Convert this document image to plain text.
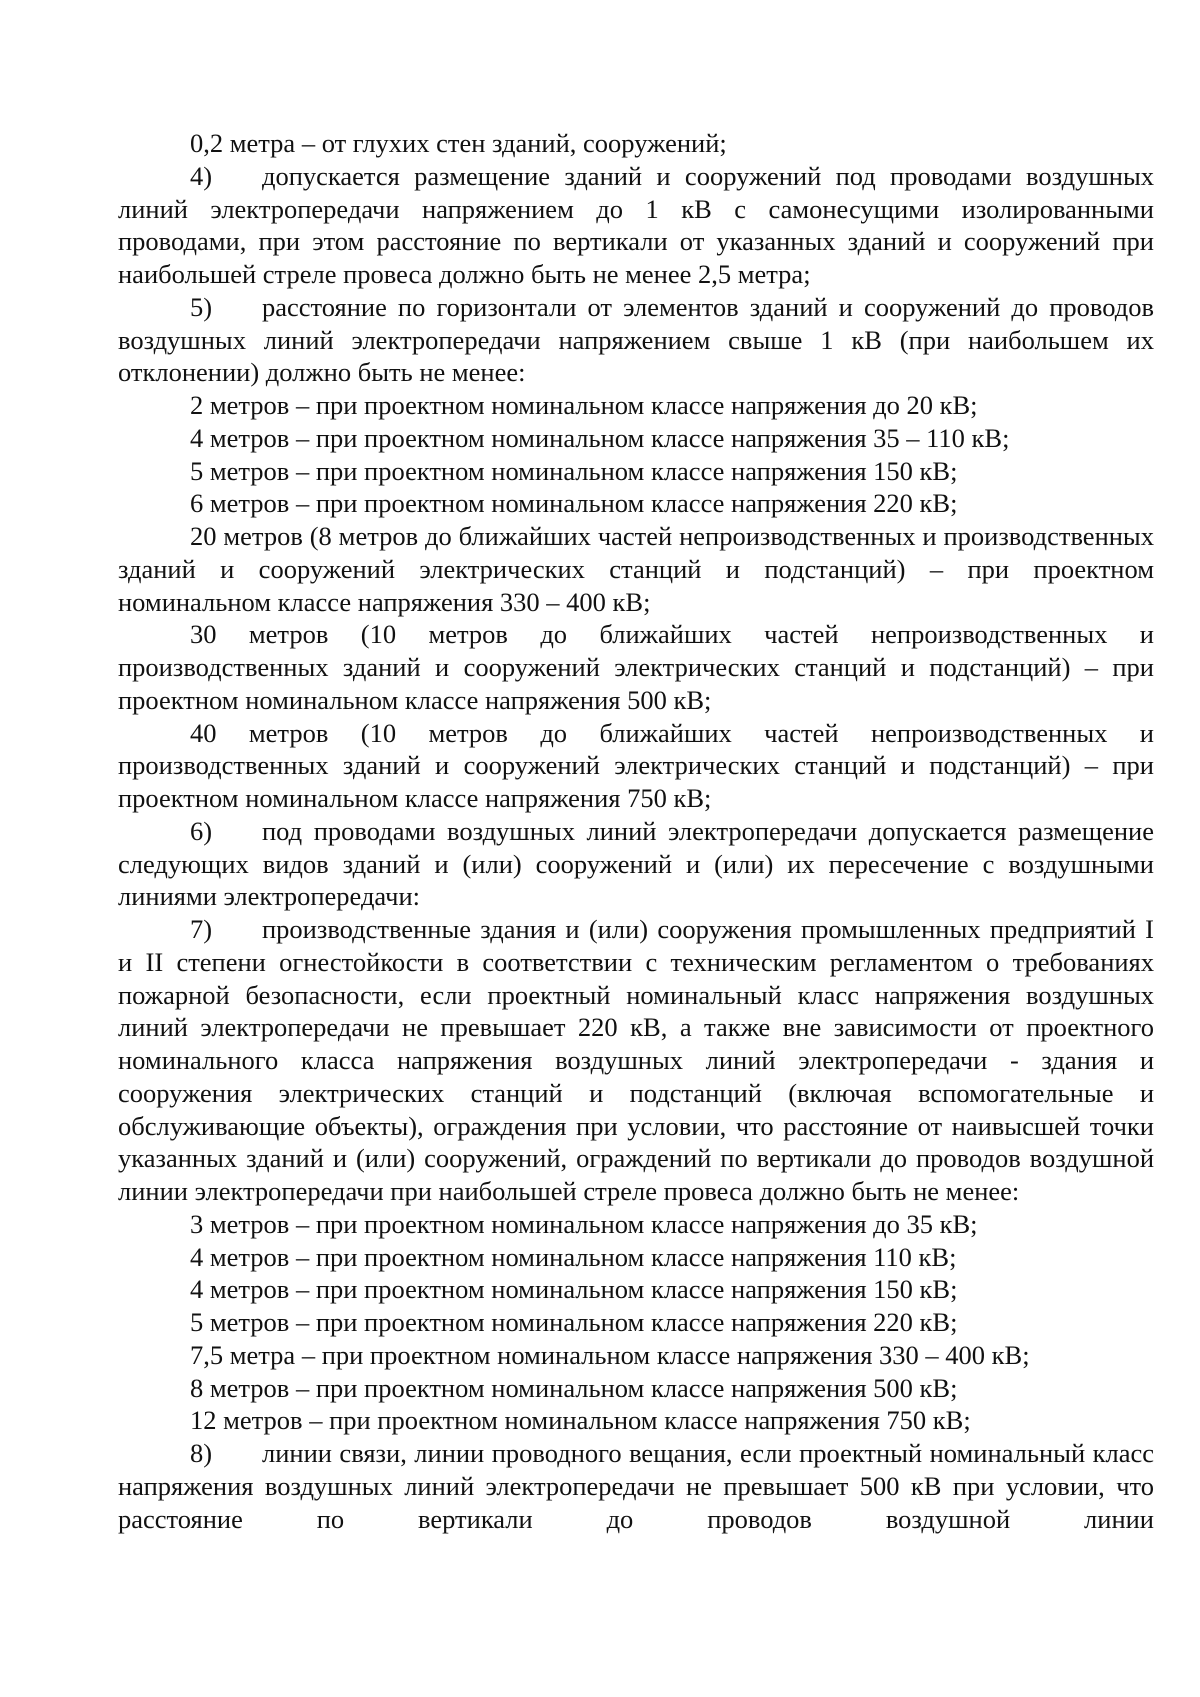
0,2 метра – от глухих стен зданий, сооружений;

4) допускается размещение зданий и сооружений под проводами воздушных линий электропередачи напряжением до 1 кВ с самонесущими изолированными проводами, при этом расстояние по вертикали от указанных зданий и сооружений при наибольшей стреле провеса должно быть не менее 2,5 метра;

5) расстояние по горизонтали от элементов зданий и сооружений до проводов воздушных линий электропередачи напряжением свыше 1 кВ (при наибольшем их отклонении) должно быть не менее:

2 метров – при проектном номинальном классе напряжения до 20 кВ;

4 метров – при проектном номинальном классе напряжения 35 – 110 кВ;

5 метров – при проектном номинальном классе напряжения 150 кВ;

6 метров – при проектном номинальном классе напряжения 220 кВ;

20 метров (8 метров до ближайших частей непроизводственных и производственных зданий и сооружений электрических станций и подстанций) – при проектном номинальном классе напряжения 330 – 400 кВ;

30 метров (10 метров до ближайших частей непроизводственных и производственных зданий и сооружений электрических станций и подстанций) – при проектном номинальном классе напряжения 500 кВ;

40 метров (10 метров до ближайших частей непроизводственных и производственных зданий и сооружений электрических станций и подстанций) – при проектном номинальном классе напряжения 750 кВ;

6) под проводами воздушных линий электропередачи допускается размещение следующих видов зданий и (или) сооружений и (или) их пересечение с воздушными линиями электропередачи:

7) производственные здания и (или) сооружения промышленных предприятий I и II степени огнестойкости в соответствии с техническим регламентом о требованиях пожарной безопасности, если проектный номинальный класс напряжения воздушных линий электропередачи не превышает 220 кВ, а также вне зависимости от проектного номинального класса напряжения воздушных линий электропередачи - здания и сооружения электрических станций и подстанций (включая вспомогательные и обслуживающие объекты), ограждения при условии, что расстояние от наивысшей точки указанных зданий и (или) сооружений, ограждений по вертикали до проводов воздушной линии электропередачи при наибольшей стреле провеса должно быть не менее:

3 метров – при проектном номинальном классе напряжения до 35 кВ;

4 метров – при проектном номинальном классе напряжения 110 кВ;

4 метров – при проектном номинальном классе напряжения 150 кВ;

5 метров – при проектном номинальном классе напряжения 220 кВ;

7,5 метра – при проектном номинальном классе напряжения 330 – 400 кВ;

8 метров – при проектном номинальном классе напряжения 500 кВ;

12 метров – при проектном номинальном классе напряжения 750 кВ;

8) линии связи, линии проводного вещания, если проектный номинальный класс напряжения воздушных линий электропередачи не превышает 500 кВ при условии, что расстояние по вертикали до проводов воздушной линии
